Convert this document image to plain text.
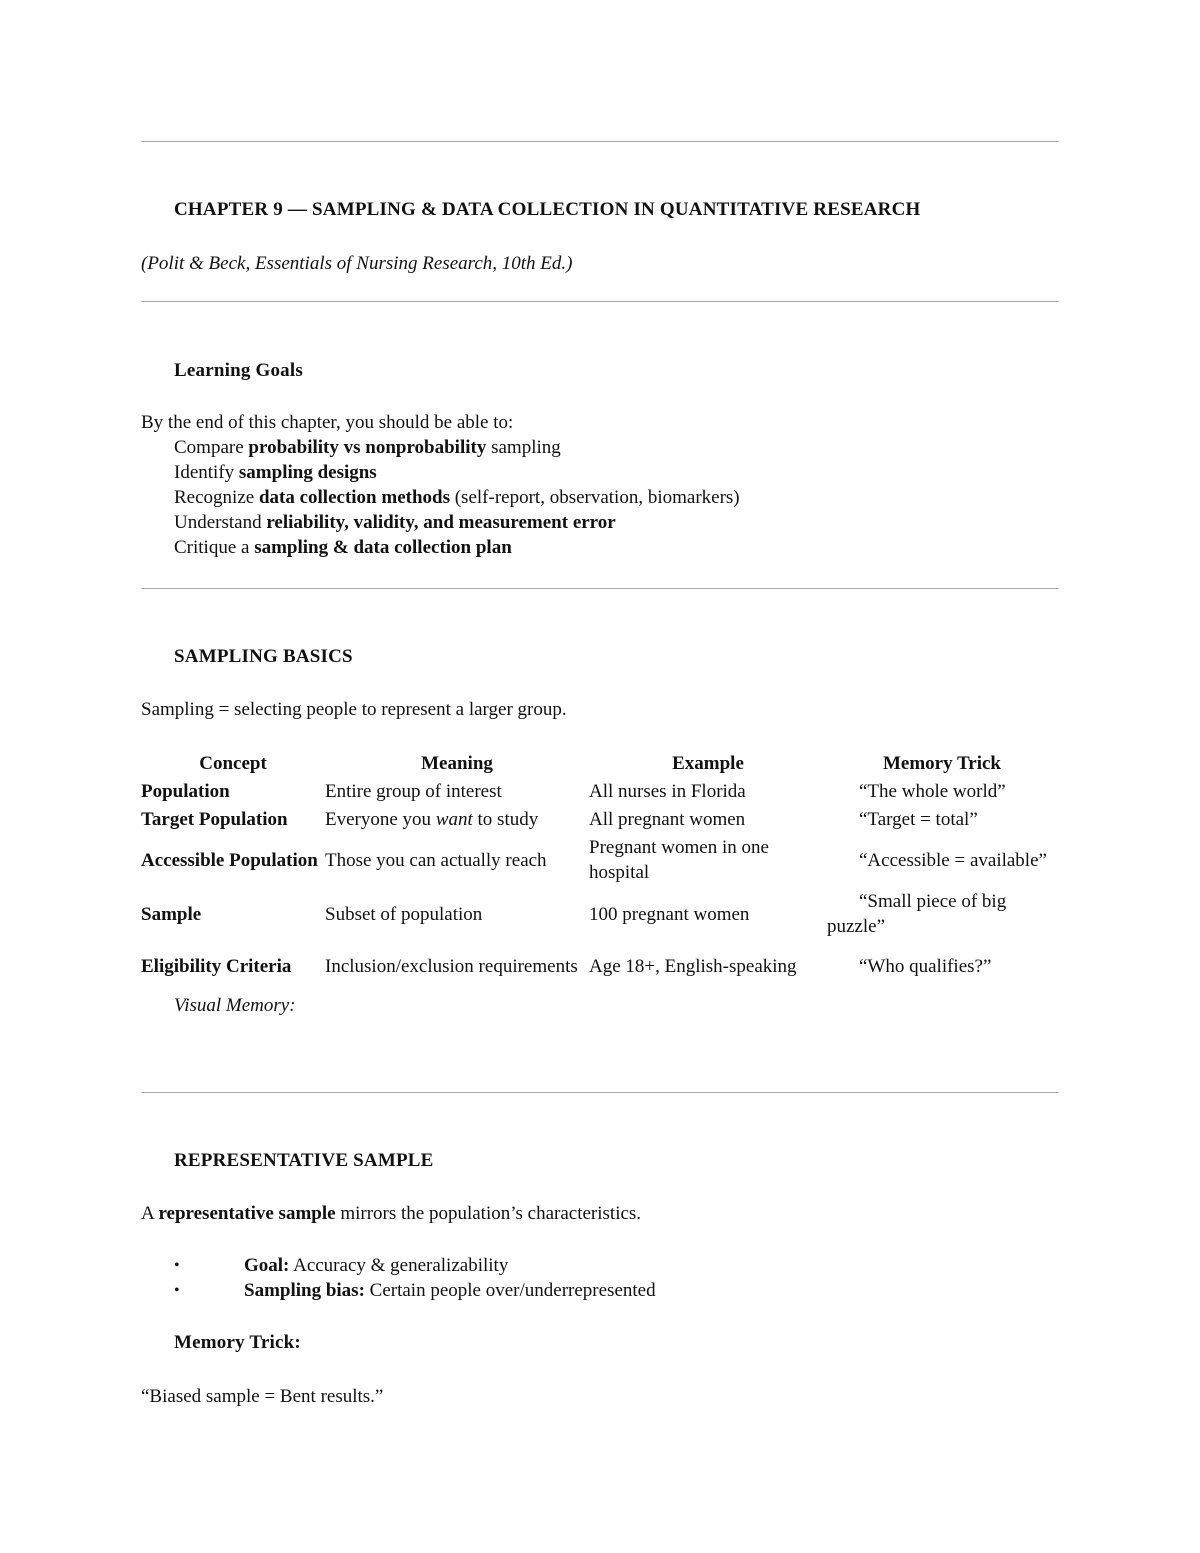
CHAPTER 9 — SAMPLING & DATA COLLECTION IN QUANTITATIVE RESEARCH
(Polit & Beck, Essentials of Nursing Research, 10th Ed.)
Learning Goals
By the end of this chapter, you should be able to:
Compare probability vs nonprobability sampling
Identify sampling designs
Recognize data collection methods (self-report, observation, biomarkers)
Understand reliability, validity, and measurement error
Critique a sampling & data collection plan
SAMPLING BASICS
Sampling = selecting people to represent a larger group.
Concept	Meaning	Example	Memory Trick
Population	Entire group of interest	All nurses in Florida	“The whole world”
Target Population	Everyone you want to study	All pregnant women	“Target = total”
Accessible Population	Those you can actually reach	Pregnant women in one hospital	“Accessible = available”
Sample	Subset of population	100 pregnant women	“Small piece of big puzzle”
Eligibility Criteria	Inclusion/exclusion requirements	Age 18+, English-speaking	“Who qualifies?”
Visual Memory:
REPRESENTATIVE SAMPLE
A representative sample mirrors the population’s characteristics.
•	Goal: Accuracy & generalizability
•	Sampling bias: Certain people over/underrepresented
Memory Trick:
“Biased sample = Bent results.”
